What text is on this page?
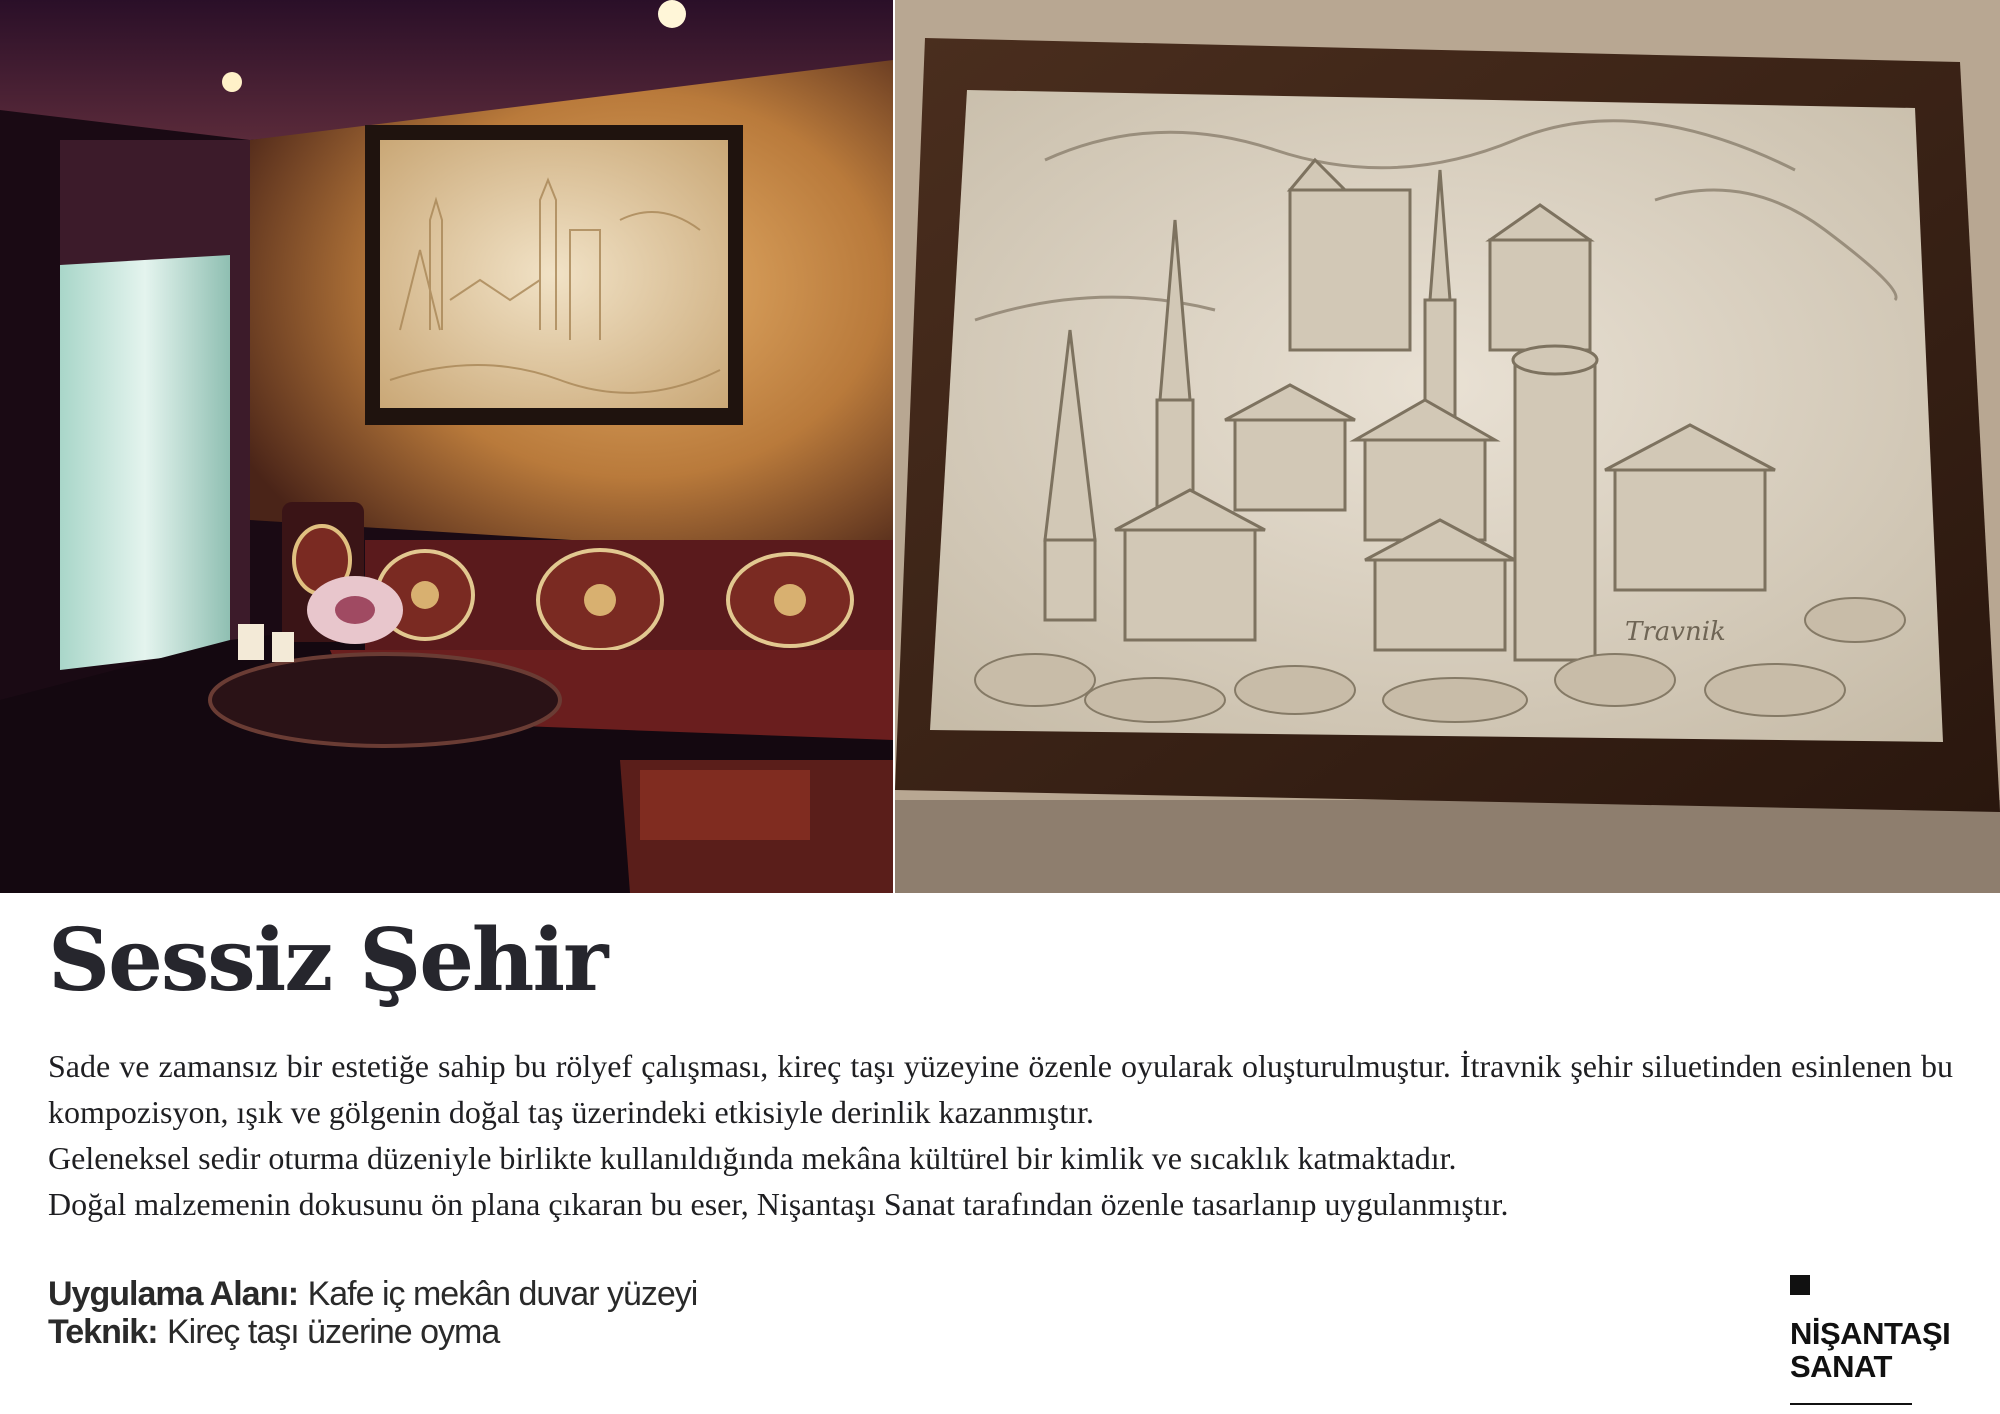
Travnik
Sessiz Şehir

Sade ve zamansız bir estetiğe sahip bu rölyef çalışması, kireç taşı yüzeyine özenle oyularak oluşturulmuştur. İtravnik şehir siluetinden esinlenen bu kompozisyon, ışık ve gölgenin doğal taş üzerindeki etkisiyle derinlik kazanmıştır.

Geleneksel sedir oturma düzeniyle birlikte kullanıldığında mekâna kültürel bir kimlik ve sıcaklık katmaktadır.

Doğal malzemenin dokusunu ön plana çıkaran bu eser, Nişantaşı Sanat tarafından özenle tasarlanıp uygulanmıştır.

Uygulama Alanı: Kafe iç mekân duvar yüzeyi
Teknik: Kireç taşı üzerine oyma	NİŞANTAŞI
SANAT
